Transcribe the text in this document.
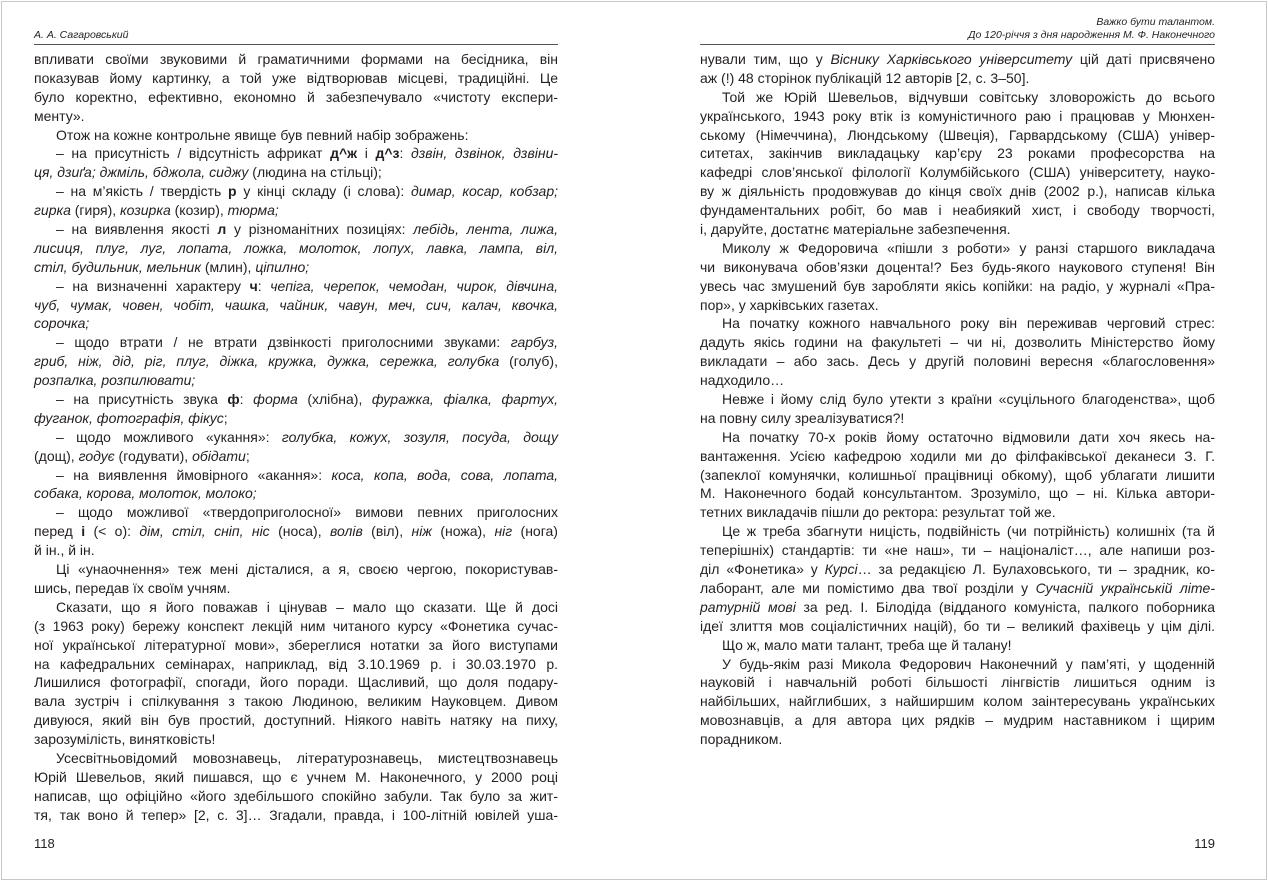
А. А. Сагаровський
впливати своїми звуковими й граматичними формами на бесідника, він
показував йому картинку, а той уже відтворював місцеві, традиційні. Це
було коректно, ефективно, економно й забезпечувало «чистоту експери-
менту».
Отож на кожне контрольне явище був певний набір зображень:
– на присутність / відсутність африкат д^ж і д^з: дзвін, дзвінок, дзвіни-
ця, дзиґа; джміль, бджола, сиджу (людина на стільці);
– на м’якість / твердість р у кінці складу (і слова): димар, косар, кобзар;
гирка (гиря), козирка (козир), тюрма;
– на виявлення якості л у різноманітних позиціях: лебідь, лента, лижа,
лисиця, плуг, луг, лопата, ложка, молоток, лопух, лавка, лампа, віл,
стіл, будильник, мельник (млин), ціпилно;
– на визначенні характеру ч: чепіга, черепок, чемодан, чирок, дівчина,
чуб, чумак, човен, чобіт, чашка, чайник, чавун, меч, сич, калач, квочка,
сорочка;
– щодо втрати / не втрати дзвінкості приголосними звуками: гарбуз,
гриб, ніж, дід, ріг, плуг, діжка, кружка, дужка, сережка, голубка (голуб),
розпалка, розпилювати;
– на присутність звука ф: форма (хлібна), фуражка, фіалка, фартух,
фуганок, фотографія, фікус;
– щодо можливого «укання»: голубка, кожух, зозуля, посуда, дощу
(дощ), годує (годувати), обідати;
– на виявлення ймовірного «акання»: коса, копа, вода, сова, лопата,
собака, корова, молоток, молоко;
– щодо можливої «твердоприголосної» вимови певних приголосних
перед і (< о): дім, стіл, сніп, ніс (носа), волів (віл), ніж (ножа), ніг (нога)
й ін., й ін.
Ці «унаочнення» теж мені дісталися, а я, своєю чергою, покористував-
шись, передав їх своїм учням.
Сказати, що я його поважав і цінував – мало що сказати. Ще й досі
(з 1963 року) бережу конспект лекцій ним читаного курсу «Фонетика сучас-
ної української літературної мови», збереглися нотатки за його виступами
на кафедральних семінарах, наприклад, від 3.10.1969 р. і 30.03.1970 р.
Лишилися фотографії, спогади, його поради. Щасливий, що доля подару-
вала зустріч і спілкування з такою Людиною, великим Науковцем. Дивом
дивуюся, який він був простий, доступний. Ніякого навіть натяку на пиху,
зарозумілість, винятковість!
Усесвітньовідомий мовознавець, літературознавець, мистецтвознавець
Юрій Шевельов, який пишався, що є учнем М. Наконечного, у 2000 році
написав, що офіційно «його здебільшого спокійно забули. Так було за жит-
тя, так воно й тепер» [2, с. 3]… Згадали, правда, і 100-літній ювілей уша-
118
Важко бути талантом.
До 120-річчя з дня народження М. Ф. Наконечного
нували тим, що у Віснику Харківського університету цій даті присвячено
аж (!) 48 сторінок публікацій 12 авторів [2, с. 3–50].
Той же Юрій Шевельов, відчувши совітську зловорожість до всього
українського, 1943 року втік із комуністичного раю і працював у Мюнхен-
ському (Німеччина), Люндському (Швеція), Гарвардському (США) універ-
ситетах, закінчив викладацьку кар’єру 23 роками професорства на
кафедрі слов’янської філології Колумбійського (США) університету, науко-
ву ж діяльність продовжував до кінця своїх днів (2002 р.), написав кілька
фундаментальних робіт, бо мав і неабиякий хист, і свободу творчості,
і, даруйте, достатнє матеріальне забезпечення.
Миколу ж Федоровича «пішли з роботи» у ранзі старшого викладача
чи виконувача обов’язки доцента!? Без будь-якого наукового ступеня! Він
увесь час змушений був заробляти якісь копійки: на радіо, у журналі «Пра-
пор», у харківських газетах.
На початку кожного навчального року він переживав черговий стрес:
дадуть якісь години на факультеті – чи ні, дозволить Міністерство йому
викладати – або зась. Десь у другій половині вересня «благословення»
надходило…
Невже і йому слід було утекти з країни «суцільного благоденства», щоб
на повну силу зреалізуватися?!
На початку 70-х років йому остаточно відмовили дати хоч якесь на-
вантаження. Усією кафедрою ходили ми до філфаківської деканеси З. Г.
(запеклої комунячки, колишньої працівниці обкому), щоб ублагати лишити
М. Наконечного бодай консультантом. Зрозуміло, що – ні. Кілька автори-
тетних викладачів пішли до ректора: результат той же.
Це ж треба збагнути ницість, подвійність (чи потрійність) колишніх (та й
теперішніх) стандартів: ти «не наш», ти – націоналіст…, але напиши роз-
діл «Фонетика» у Курсі… за редакцією Л. Булаховського, ти – зрадник, ко-
лаборант, але ми помістимо два твої розділи у Сучасній українській літе-
ратурній мові за ред. І. Білодіда (відданого комуніста, палкого поборника
ідеї злиття мов соціалістичних націй), бо ти – великий фахівець у цім ділі.
Що ж, мало мати талант, треба ще й талану!
У будь-якім разі Микола Федорович Наконечний у пам’яті, у щоденній
науковій і навчальній роботі більшості лінгвістів лишиться одним із
найбільших, найглибших, з найширшим колом заінтересувань українських
мовознавців, а для автора цих рядків – мудрим наставником і щирим
порадником.
119
